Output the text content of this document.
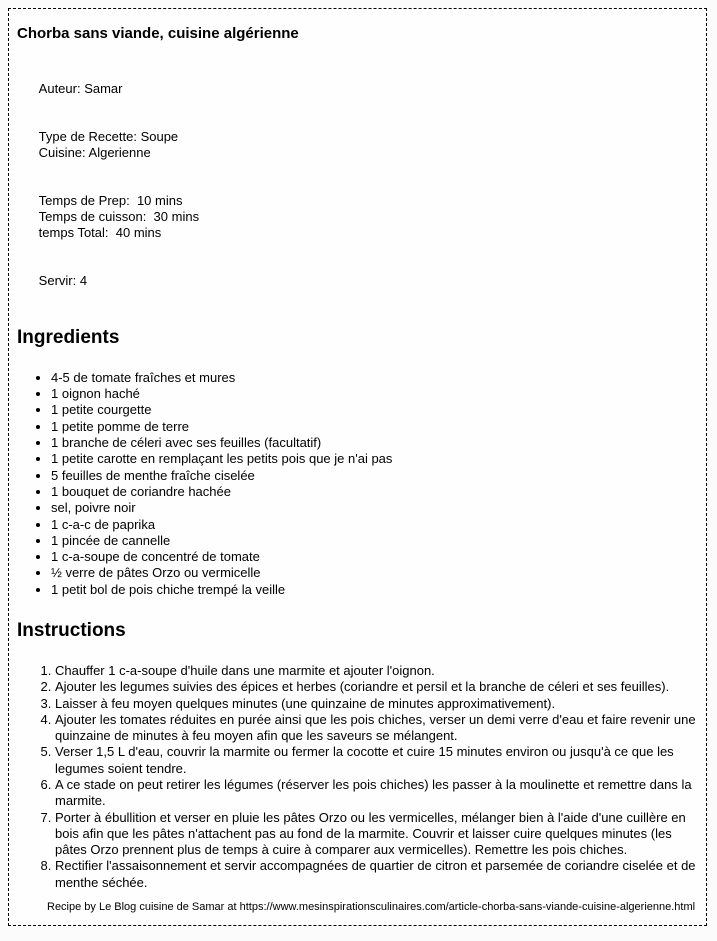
Chorba sans viande, cuisine algérienne

Auteur: Samar

Type de Recette: Soupe
Cuisine: Algerienne

Temps de Prep:  10 mins
Temps de cuisson:  30 mins
temps Total:  40 mins

Servir: 4

Ingredients
• 4-5 de tomate fraîches et mures
• 1 oignon haché
• 1 petite courgette
• 1 petite pomme de terre
• 1 branche de céleri avec ses feuilles (facultatif)
• 1 petite carotte en remplaçant les petits pois que je n'ai pas
• 5 feuilles de menthe fraîche ciselée
• 1 bouquet de coriandre hachée
• sel, poivre noir
• 1 c-a-c de paprika
• 1 pincée de cannelle
• 1 c-a-soupe de concentré de tomate
• ½ verre de pâtes Orzo ou vermicelle
• 1 petit bol de pois chiche trempé la veille
Instructions
1. Chauffer 1 c-a-soupe d'huile dans une marmite et ajouter l'oignon.
2. Ajouter les legumes suivies des épices et herbes (coriandre et persil et la branche de céleri et ses feuilles).
3. Laisser à feu moyen quelques minutes (une quinzaine de minutes approximativement).
4. Ajouter les tomates réduites en purée ainsi que les pois chiches, verser un demi verre d'eau et faire revenir une quinzaine de minutes à feu moyen afin que les saveurs se mélangent.
5. Verser 1,5 L d'eau, couvrir la marmite ou fermer la cocotte et cuire 15 minutes environ ou jusqu'à ce que les legumes soient tendre.
6. A ce stade on peut retirer les légumes (réserver les pois chiches) les passer à la moulinette et remettre dans la marmite.
7. Porter à ébullition et verser en pluie les pâtes Orzo ou les vermicelles, mélanger bien à l'aide d'une cuillère en bois afin que les pâtes n'attachent pas au fond de la marmite. Couvrir et laisser cuire quelques minutes (les pâtes Orzo prennent plus de temps à cuire à comparer aux vermicelles). Remettre les pois chiches.
8. Rectifier l'assaisonnement et servir accompagnées de quartier de citron et parsemée de coriandre ciselée et de menthe séchée.
Recipe by Le Blog cuisine de Samar at https://www.mesinspirationsculinaires.com/article-chorba-sans-viande-cuisine-algerienne.html
